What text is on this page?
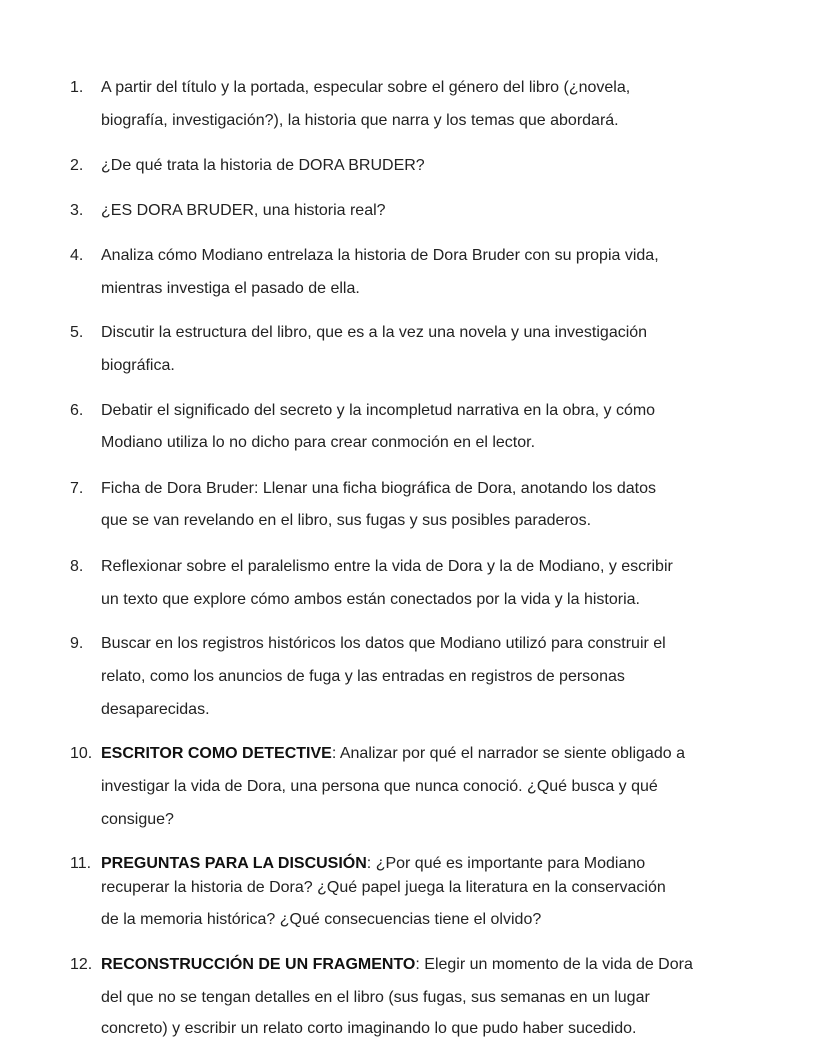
1. A partir del título y la portada, especular sobre el género del libro (¿novela,
biografía, investigación?), la historia que narra y los temas que abordará.
2. ¿De qué trata la historia de DORA BRUDER?
3. ¿ES DORA BRUDER, una historia real?
4. Analiza cómo Modiano entrelaza la historia de Dora Bruder con su propia vida,
mientras investiga el pasado de ella.
5. Discutir la estructura del libro, que es a la vez una novela y una investigación
biográfica.
6. Debatir el significado del secreto y la incompletud narrativa en la obra, y cómo
Modiano utiliza lo no dicho para crear conmoción en el lector.
7. Ficha de Dora Bruder: Llenar una ficha biográfica de Dora, anotando los datos
que se van revelando en el libro, sus fugas y sus posibles paraderos.
8. Reflexionar sobre el paralelismo entre la vida de Dora y la de Modiano, y escribir
un texto que explore cómo ambos están conectados por la vida y la historia.
9. Buscar en los registros históricos los datos que Modiano utilizó para construir el
relato, como los anuncios de fuga y las entradas en registros de personas
desaparecidas.
10. ESCRITOR COMO DETECTIVE: Analizar por qué el narrador se siente obligado a
investigar la vida de Dora, una persona que nunca conoció. ¿Qué busca y qué
consigue?
11. PREGUNTAS PARA LA DISCUSIÓN: ¿Por qué es importante para Modiano
recuperar la historia de Dora? ¿Qué papel juega la literatura en la conservación
de la memoria histórica? ¿Qué consecuencias tiene el olvido?
12. RECONSTRUCCIÓN DE UN FRAGMENTO: Elegir un momento de la vida de Dora
del que no se tengan detalles en el libro (sus fugas, sus semanas en un lugar
concreto) y escribir un relato corto imaginando lo que pudo haber sucedido.
